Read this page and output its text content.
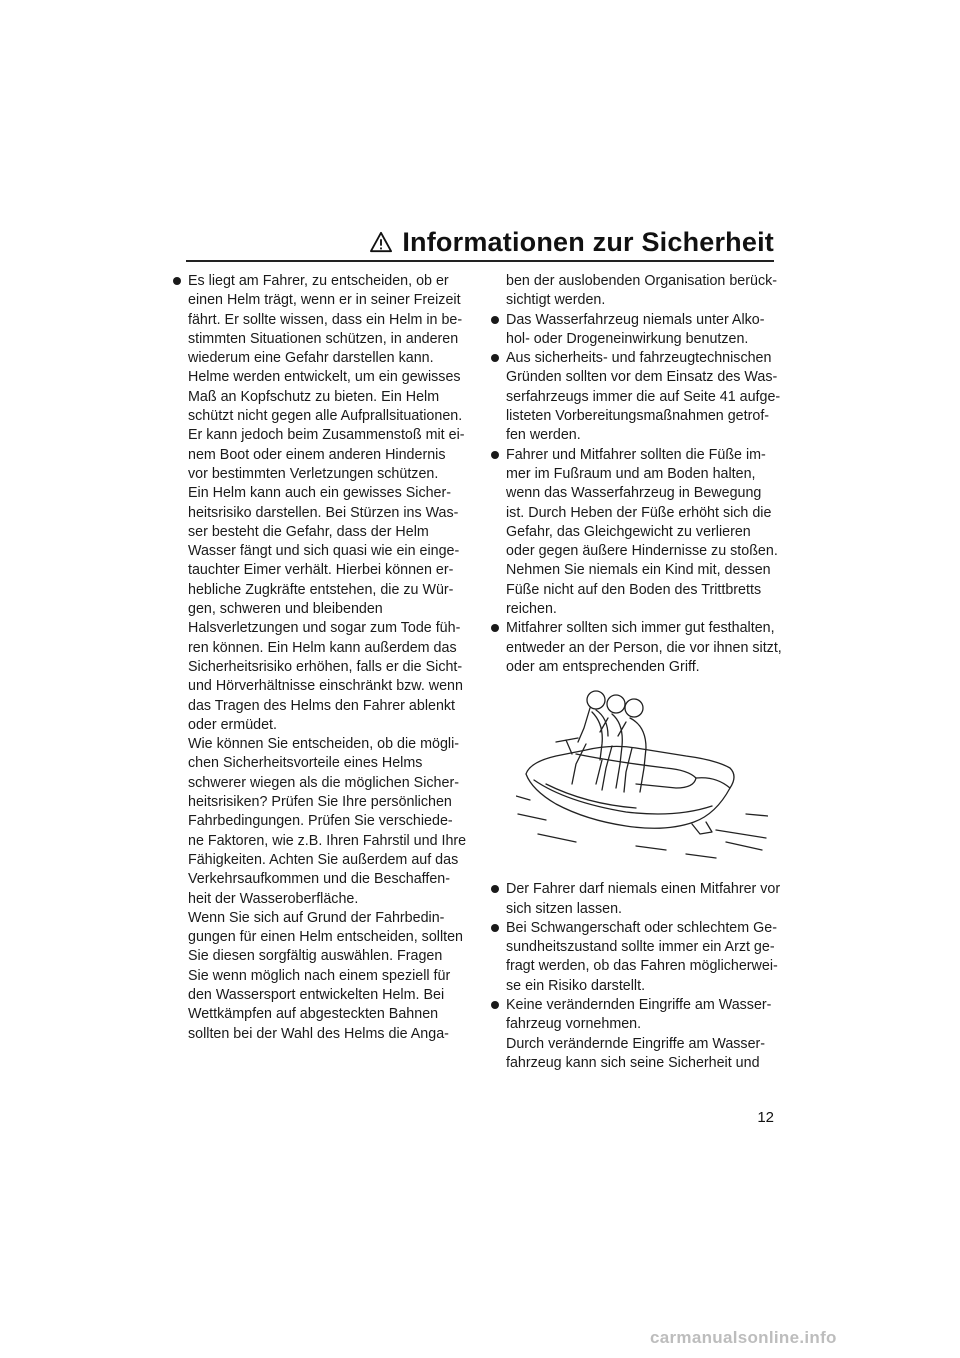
Informationen zur Sicherheit
Es liegt am Fahrer, zu entscheiden, ob er
einen Helm trägt, wenn er in seiner Freizeit
fährt. Er sollte wissen, dass ein Helm in be-
stimmten Situationen schützen, in anderen
wiederum eine Gefahr darstellen kann.
Helme werden entwickelt, um ein gewisses
Maß an Kopfschutz zu bieten. Ein Helm
schützt nicht gegen alle Aufprallsituationen.
Er kann jedoch beim Zusammenstoß mit ei-
nem Boot oder einem anderen Hindernis
vor bestimmten Verletzungen schützen.
Ein Helm kann auch ein gewisses Sicher-
heitsrisiko darstellen. Bei Stürzen ins Was-
ser besteht die Gefahr, dass der Helm
Wasser fängt und sich quasi wie ein einge-
tauchter Eimer verhält. Hierbei können er-
hebliche Zugkräfte entstehen, die zu Wür-
gen, schweren und bleibenden
Halsverletzungen und sogar zum Tode füh-
ren können. Ein Helm kann außerdem das
Sicherheitsrisiko erhöhen, falls er die Sicht-
und Hörverhältnisse einschränkt bzw. wenn
das Tragen des Helms den Fahrer ablenkt
oder ermüdet.
Wie können Sie entscheiden, ob die mögli-
chen Sicherheitsvorteile eines Helms
schwerer wiegen als die möglichen Sicher-
heitsrisiken? Prüfen Sie Ihre persönlichen
Fahrbedingungen. Prüfen Sie verschiede-
ne Faktoren, wie z.B. Ihren Fahrstil und Ihre
Fähigkeiten. Achten Sie außerdem auf das
Verkehrsaufkommen und die Beschaffen-
heit der Wasseroberfläche.
Wenn Sie sich auf Grund der Fahrbedin-
gungen für einen Helm entscheiden, sollten
Sie diesen sorgfältig auswählen. Fragen
Sie wenn möglich nach einem speziell für
den Wassersport entwickelten Helm. Bei
Wettkämpfen auf abgesteckten Bahnen
sollten bei der Wahl des Helms die Anga-
ben der auslobenden Organisation berück-
sichtigt werden.
Das Wasserfahrzeug niemals unter Alko-
hol- oder Drogeneinwirkung benutzen.
Aus sicherheits- und fahrzeugtechnischen
Gründen sollten vor dem Einsatz des Was-
serfahrzeugs immer die auf Seite 41 aufge-
listeten Vorbereitungsmaßnahmen getrof-
fen werden.
Fahrer und Mitfahrer sollten die Füße im-
mer im Fußraum und am Boden halten,
wenn das Wasserfahrzeug in Bewegung
ist. Durch Heben der Füße erhöht sich die
Gefahr, das Gleichgewicht zu verlieren
oder gegen äußere Hindernisse zu stoßen.
Nehmen Sie niemals ein Kind mit, dessen
Füße nicht auf den Boden des Trittbretts
reichen.
Mitfahrer sollten sich immer gut festhalten,
entweder an der Person, die vor ihnen sitzt,
oder am entsprechenden Griff.
Der Fahrer darf niemals einen Mitfahrer vor
sich sitzen lassen.
Bei Schwangerschaft oder schlechtem Ge-
sundheitszustand sollte immer ein Arzt ge-
fragt werden, ob das Fahren möglicherwei-
se ein Risiko darstellt.
Keine verändernden Eingriffe am Wasser-
fahrzeug vornehmen.
Durch verändernde Eingriffe am Wasser-
fahrzeug kann sich seine Sicherheit und
12
carmanualsonline.info
